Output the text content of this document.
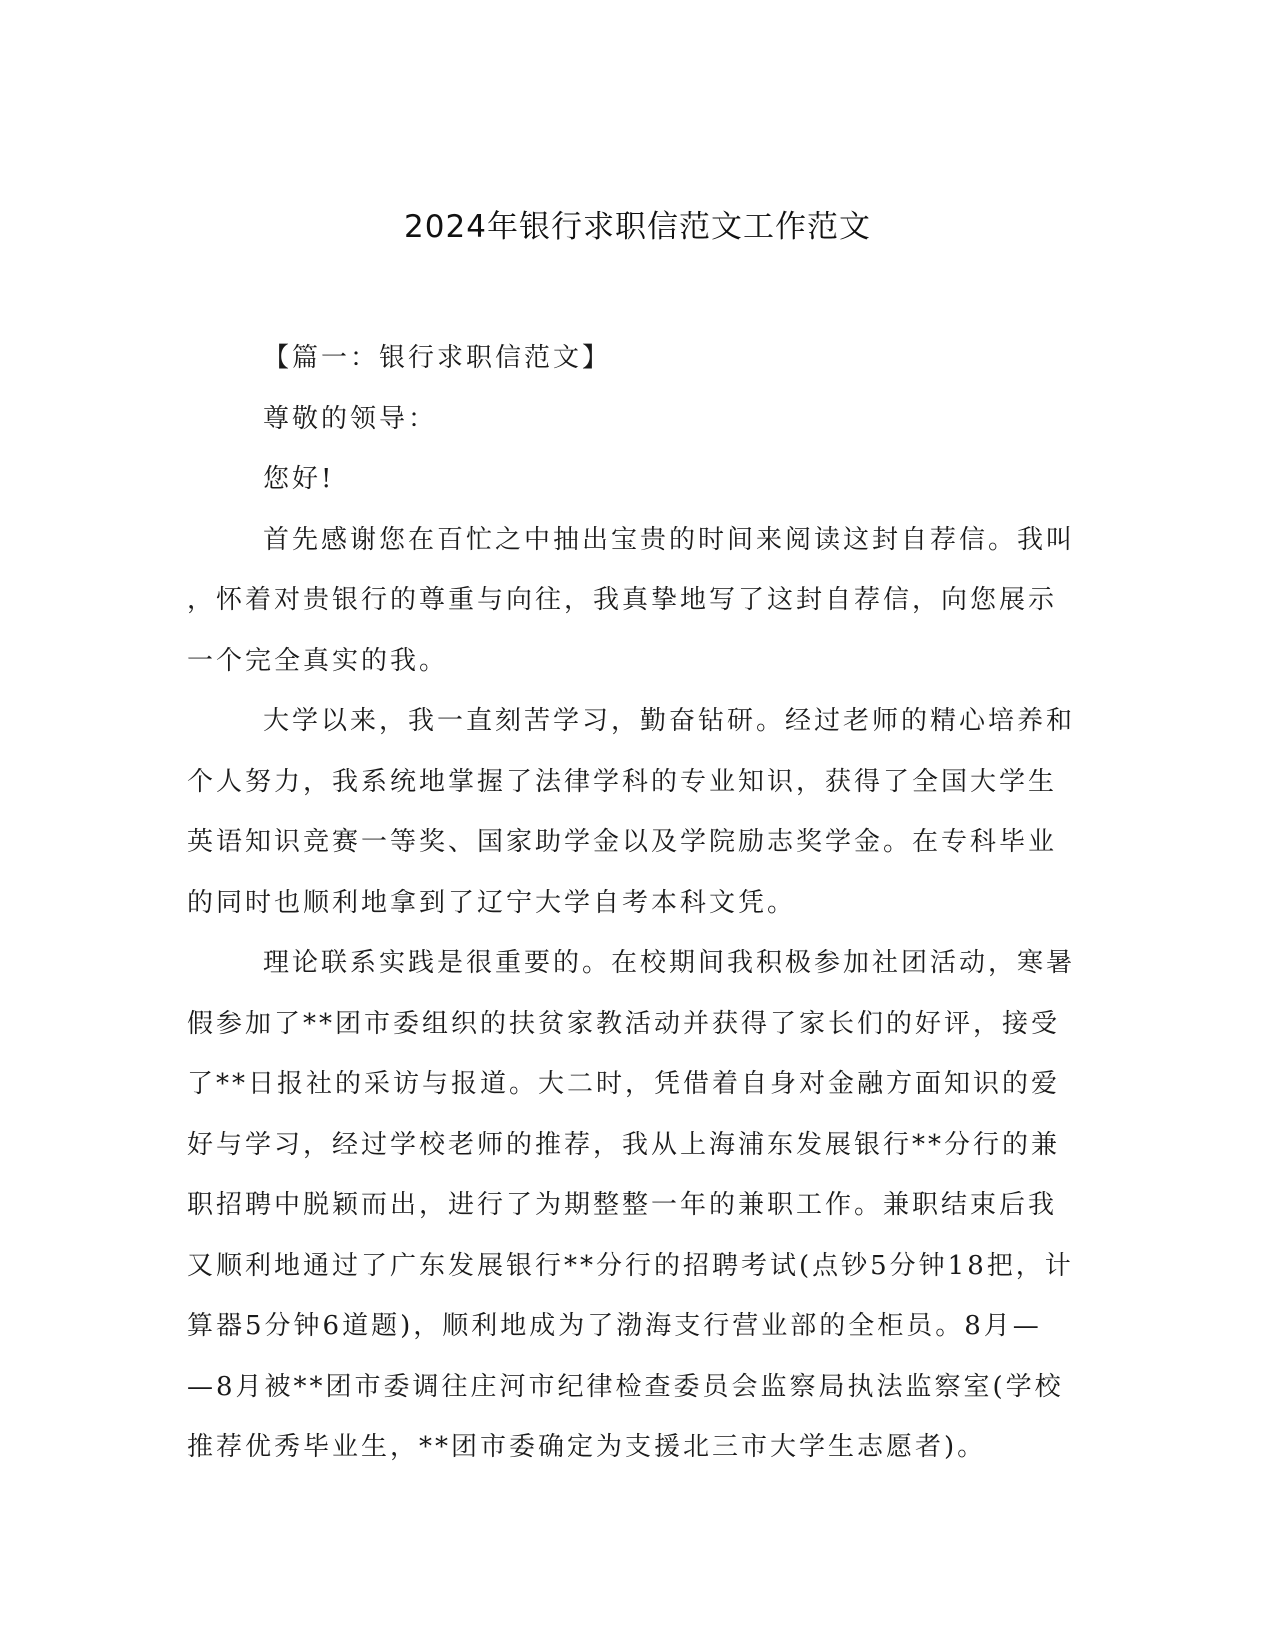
2024年银行求职信范文工作范文
【篇一：银行求职信范文】
尊敬的领导：
您好!
首先感谢您在百忙之中抽出宝贵的时间来阅读这封自荐信。我叫
，怀着对贵银行的尊重与向往，我真挚地写了这封自荐信，向您展示
一个完全真实的我。
大学以来，我一直刻苦学习，勤奋钻研。经过老师的精心培养和
个人努力，我系统地掌握了法律学科的专业知识，获得了全国大学生
英语知识竞赛一等奖、国家助学金以及学院励志奖学金。在专科毕业
的同时也顺利地拿到了辽宁大学自考本科文凭。
理论联系实践是很重要的。在校期间我积极参加社团活动，寒暑
假参加了**团市委组织的扶贫家教活动并获得了家长们的好评，接受
了**日报社的采访与报道。大二时，凭借着自身对金融方面知识的爱
好与学习，经过学校老师的推荐，我从上海浦东发展银行**分行的兼
职招聘中脱颖而出，进行了为期整整一年的兼职工作。兼职结束后我
又顺利地通过了广东发展银行**分行的招聘考试(点钞5分钟18把，计
算器5分钟6道题)，顺利地成为了渤海支行营业部的全柜员。8月—
—8月被**团市委调往庄河市纪律检查委员会监察局执法监察室(学校
推荐优秀毕业生，**团市委确定为支援北三市大学生志愿者)。
